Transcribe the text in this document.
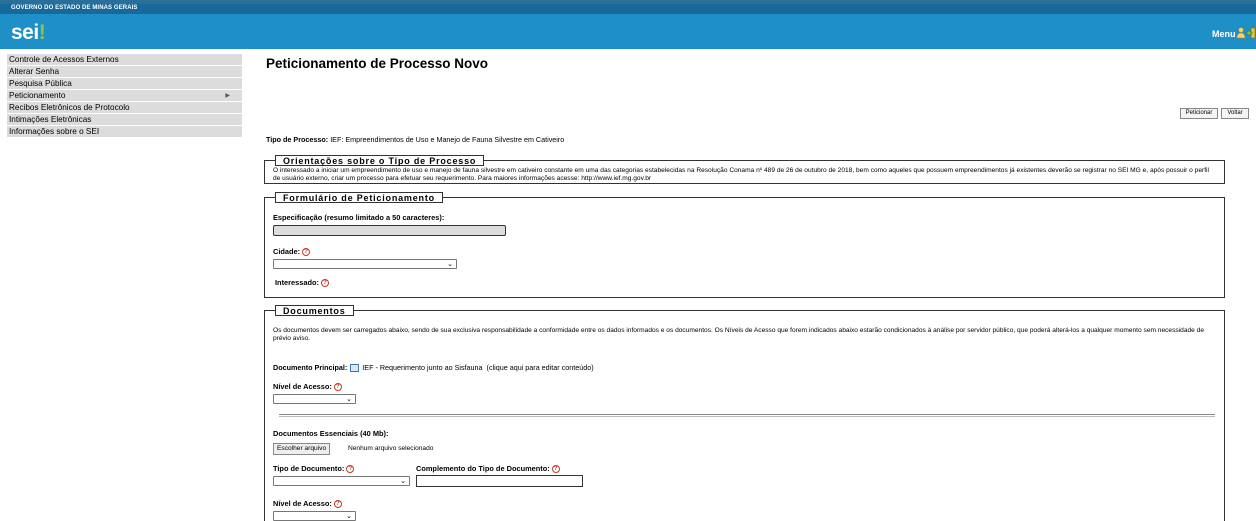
GOVERNO DO ESTADO DE MINAS GERAIS
sei!	Menu
Controle de Acessos Externos
Alterar Senha
Pesquisa Pública
Peticionamento	▶
Recibos Eletrônicos de Protocolo
Intimações Eletrônicas
Informações sobre o SEI
Peticionamento de Processo Novo
Peticionar	Voltar
Tipo de Processo: IEF: Empreendimentos de Uso e Manejo de Fauna Silvestre em Cativeiro
Orientações sobre o Tipo de Processo
O interessado a iniciar um empreendimento de uso e manejo de fauna silvestre em cativeiro constante em uma das categorias estabelecidas na Resolução Conama nº 489 de 26 de outubro de 2018, bem como aqueles que possuem empreendimentos já existentes deverão se registrar no SEI MG e, após possuir o perfil de usuário externo, criar um processo para efetuar seu requerimento. Para maiores informações acesse: http://www.ief.mg.gov.br
Formulário de Peticionamento
Especificação (resumo limitado a 50 caracteres):
Cidade: ?
⌄
Interessado: ?
Documentos
Os documentos devem ser carregados abaixo, sendo de sua exclusiva responsabilidade a conformidade entre os dados informados e os documentos. Os Níveis de Acesso que forem indicados abaixo estarão condicionados à análise por servidor público, que poderá alterá-los a qualquer momento sem necessidade de prévio aviso.
Documento Principal: IEF - Requerimento junto ao Sisfauna (clique aqui para editar conteúdo)
Nível de Acesso: ?
⌄
Documentos Essenciais (40 Mb):
Escolher arquivo	Nenhum arquivo selecionado
Tipo de Documento: ?
⌄
Complemento do Tipo de Documento: ?
Nível de Acesso: ?
⌄
